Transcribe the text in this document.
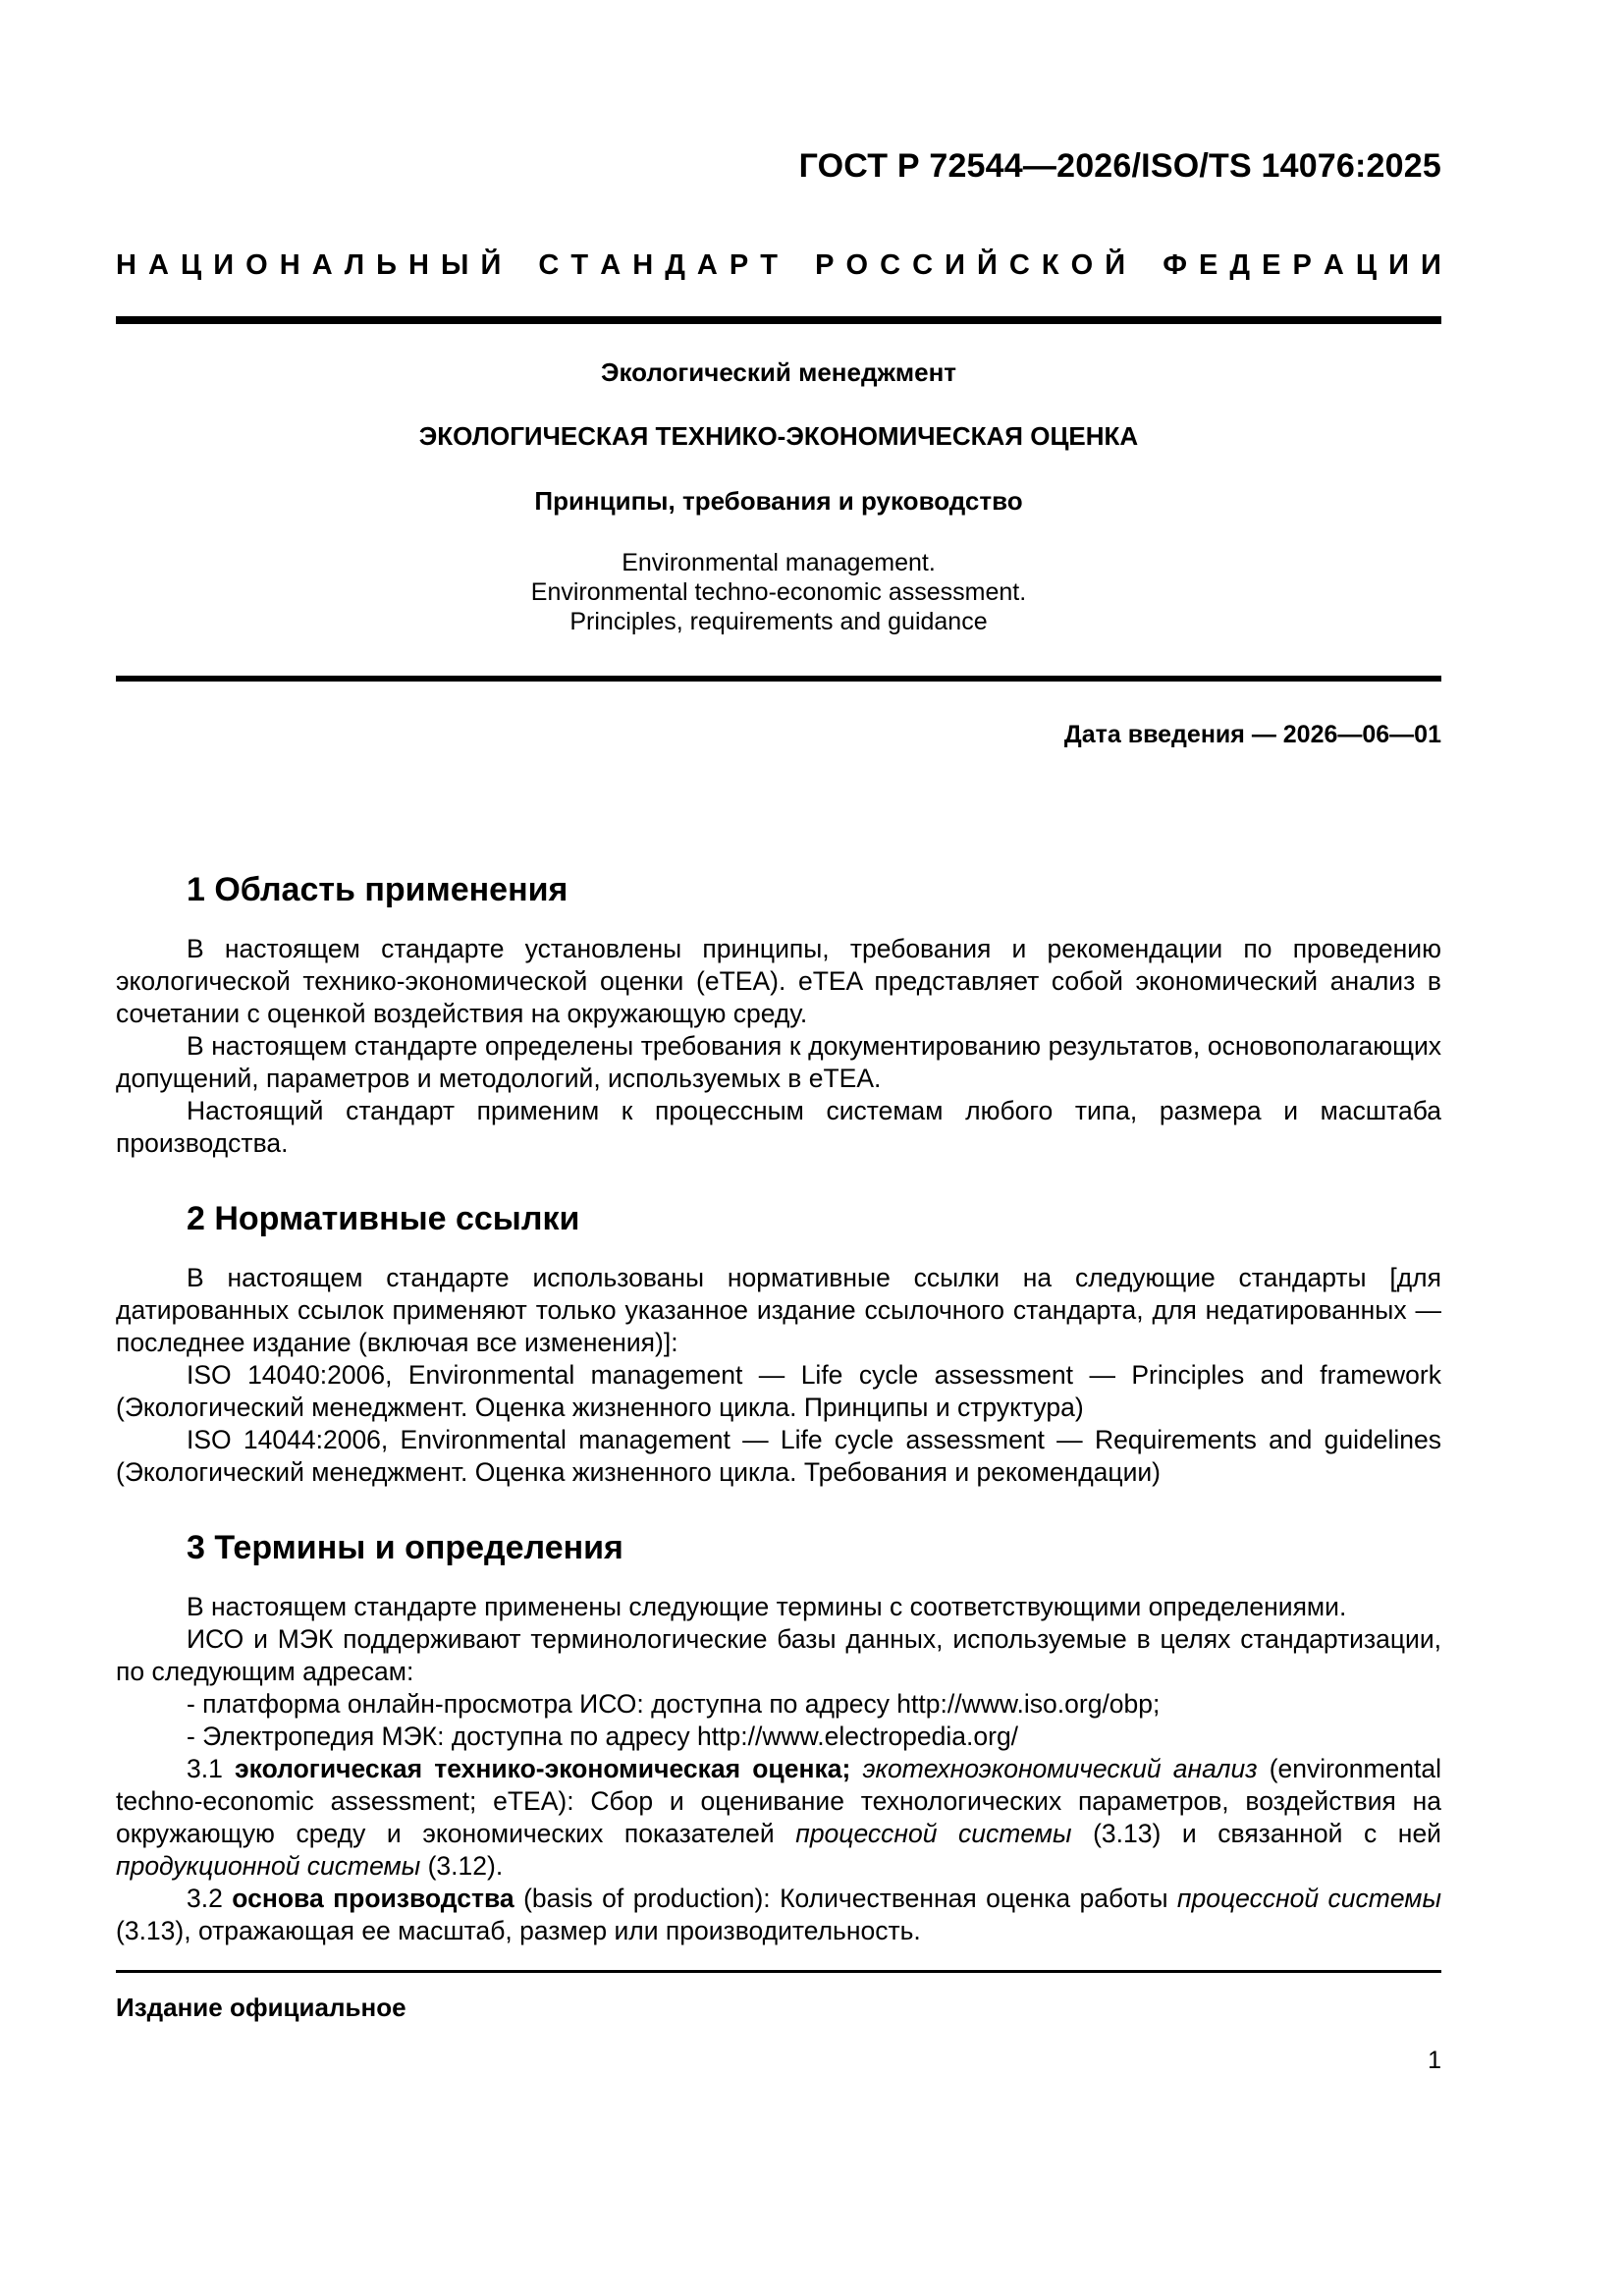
ГОСТ Р 72544—2026/ISO/TS 14076:2025
Н А Ц И О Н А Л Ь Н Ы Й
С Т А Н Д А Р Т
Р О С С И Й С К О Й
Ф Е Д Е Р А Ц И И
Экологический менеджмент
ЭКОЛОГИЧЕСКАЯ ТЕХНИКО-ЭКОНОМИЧЕСКАЯ ОЦЕНКА
Принципы, требования и руководство
Environmental management.
Environmental techno-economic assessment.
Principles, requirements and guidance
Дата введения — 2026—06—01
1 Область применения

В настоящем стандарте установлены принципы, требования и рекомендации по проведению экологической технико-экономической оценки (eTEA). eTEA представляет собой экономический анализ в сочетании с оценкой воздействия на окружающую среду.

В настоящем стандарте определены требования к документированию результатов, основополагающих допущений, параметров и методологий, используемых в eTEA.

Настоящий стандарт применим к процессным системам любого типа, размера и масштаба производства.

2 Нормативные ссылки

В настоящем стандарте использованы нормативные ссылки на следующие стандарты [для датированных ссылок применяют только указанное издание ссылочного стандарта, для недатированных — последнее издание (включая все изменения)]:

ISO 14040:2006, Environmental management — Life cycle assessment — Principles and framework (Экологический менеджмент. Оценка жизненного цикла. Принципы и структура)

ISO 14044:2006, Environmental management — Life cycle assessment — Requirements and guidelines (Экологический менеджмент. Оценка жизненного цикла. Требования и рекомендации)

3 Термины и определения

В настоящем стандарте применены следующие термины с соответствующими определениями.

ИСО и МЭК поддерживают терминологические базы данных, используемые в целях стандартизации, по следующим адресам:

- платформа онлайн-просмотра ИСО: доступна по адресу http://www.iso.org/obp;

- Электропедия МЭК: доступна по адресу http://www.electropedia.org/

3.1 экологическая технико-экономическая оценка; экотехноэкономический анализ (environmental techno-economic assessment; eTEA): Сбор и оценивание технологических параметров, воздействия на окружающую среду и экономических показателей процессной системы (3.13) и связанной с ней продукционной системы (3.12).

3.2 основа производства (basis of production): Количественная оценка работы процессной системы (3.13), отражающая ее масштаб, размер или производительность.

Издание официальное
1
